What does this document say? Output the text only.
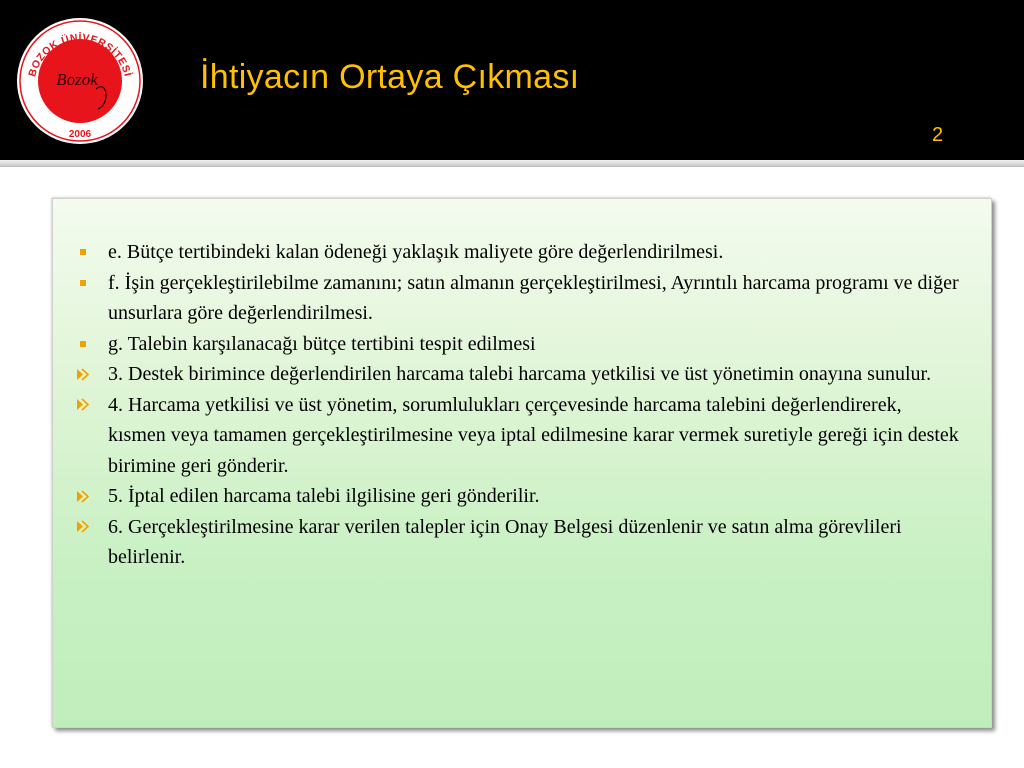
BOZOK ÜNİVERSİTESİ
Bozok
2006
İhtiyacın Ortaya Çıkması
2
e. Bütçe tertibindeki kalan ödeneği yaklaşık maliyete göre değerlendirilmesi.
f. İşin gerçekleştirilebilme zamanını; satın almanın gerçekleştirilmesi, Ayrıntılı harcama programı ve diğer unsurlara göre değerlendirilmesi.
g. Talebin karşılanacağı bütçe tertibini tespit edilmesi
3. Destek birimince değerlendirilen harcama talebi harcama yetkilisi ve üst yönetimin onayına sunulur.
4. Harcama yetkilisi ve üst yönetim, sorumlulukları çerçevesinde harcama talebini değerlendirerek, kısmen veya tamamen gerçekleştirilmesine veya iptal edilmesine karar vermek suretiyle gereği için destek birimine geri gönderir.
5. İptal edilen harcama talebi ilgilisine geri gönderilir.
6. Gerçekleştirilmesine karar verilen talepler için Onay Belgesi düzenlenir ve satın alma görevlileri belirlenir.
